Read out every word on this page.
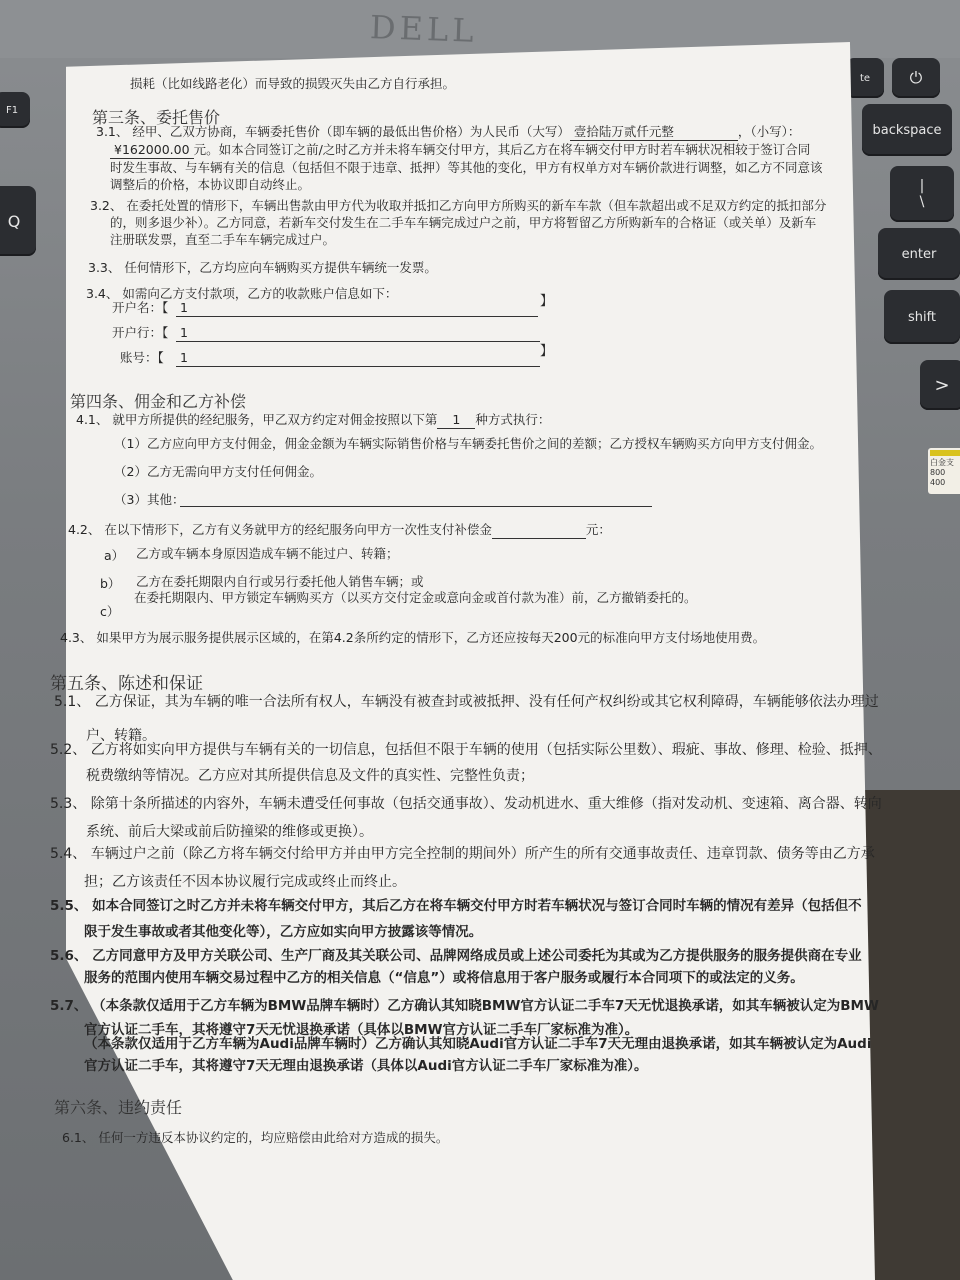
DELL
F1
Q
te	⏻
backspace
|
\
enter
shift
>
白金支
800
400
损耗（比如线路老化）而导致的损毁灭失由乙方自行承担。
第三条、委托售价
3.1、 经甲、乙双方协商，车辆委托售价（即车辆的最低出售价格）为人民币（大写） 壹拾陆万贰仟元整	，（小写）：
¥162000.00 元。如本合同签订之前/之时乙方并未将车辆交付甲方，其后乙方在将车辆交付甲方时若车辆状况相较于签订合同
时发生事故、与车辆有关的信息（包括但不限于违章、抵押）等其他的变化，甲方有权单方对车辆价款进行调整，如乙方不同意该
调整后的价格，本协议即自动终止。
3.2、 在委托处置的情形下，车辆出售款由甲方代为收取并抵扣乙方向甲方所购买的新车车款（但车款超出或不足双方约定的抵扣部分
的，则多退少补）。乙方同意，若新车交付发生在二手车车辆完成过户之前，甲方将暂留乙方所购新车的合格证（或关单）及新车
注册联发票，直至二手车车辆完成过户。
3.3、 任何情形下，乙方均应向车辆购买方提供车辆统一发票。
3.4、 如需向乙方支付款项，乙方的收款账户信息如下：
开户名：【 1	】
开户行：【 1
账号：【 1	】
第四条、佣金和乙方补偿
4.1、 就甲方所提供的经纪服务，甲乙双方约定对佣金按照以下第 1 种方式执行：
（1）乙方应向甲方支付佣金，佣金金额为车辆实际销售价格与车辆委托售价之间的差额；乙方授权车辆购买方向甲方支付佣金。
（2）乙方无需向甲方支付任何佣金。
（3）其他：
4.2、 在以下情形下，乙方有义务就甲方的经纪服务向甲方一次性支付补偿金	元：
a） 乙方或车辆本身原因造成车辆不能过户、转籍；
b） 乙方在委托期限内自行或另行委托他人销售车辆；或
c）
在委托期限内、甲方锁定车辆购买方（以买方交付定金或意向金或首付款为准）前，乙方撤销委托的。
4.3、 如果甲方为展示服务提供展示区域的，在第4.2条所约定的情形下，乙方还应按每天200元的标准向甲方支付场地使用费。
第五条、陈述和保证
5.1、 乙方保证，其为车辆的唯一合法所有权人，车辆没有被查封或被抵押、没有任何产权纠纷或其它权利障碍，车辆能够依法办理过
户、转籍。
5.2、 乙方将如实向甲方提供与车辆有关的一切信息，包括但不限于车辆的使用（包括实际公里数）、瑕疵、事故、修理、检验、抵押、
税费缴纳等情况。乙方应对其所提供信息及文件的真实性、完整性负责；
5.3、 除第十条所描述的内容外，车辆未遭受任何事故（包括交通事故）、发动机进水、重大维修（指对发动机、变速箱、离合器、转向
系统、前后大梁或前后防撞梁的维修或更换）。
5.4、 车辆过户之前（除乙方将车辆交付给甲方并由甲方完全控制的期间外）所产生的所有交通事故责任、违章罚款、债务等由乙方承
担；乙方该责任不因本协议履行完成或终止而终止。
5.5、 如本合同签订之时乙方并未将车辆交付甲方，其后乙方在将车辆交付甲方时若车辆状况与签订合同时车辆的情况有差异（包括但不
限于发生事故或者其他变化等），乙方应如实向甲方披露该等情况。
5.6、 乙方同意甲方及甲方关联公司、生产厂商及其关联公司、品牌网络成员或上述公司委托为其或为乙方提供服务的服务提供商在专业
服务的范围内使用车辆交易过程中乙方的相关信息（“信息”）或将信息用于客户服务或履行本合同项下的或法定的义务。
5.7、 （本条款仅适用于乙方车辆为BMW品牌车辆时）乙方确认其知晓BMW官方认证二手车7天无忧退换承诺，如其车辆被认定为BMW
官方认证二手车，其将遵守7天无忧退换承诺（具体以BMW官方认证二手车厂家标准为准）。
（本条款仅适用于乙方车辆为Audi品牌车辆时）乙方确认其知晓Audi官方认证二手车7天无理由退换承诺，如其车辆被认定为Audi
官方认证二手车，其将遵守7天无理由退换承诺（具体以Audi官方认证二手车厂家标准为准）。
第六条、违约责任
6.1、 任何一方违反本协议约定的，均应赔偿由此给对方造成的损失。
